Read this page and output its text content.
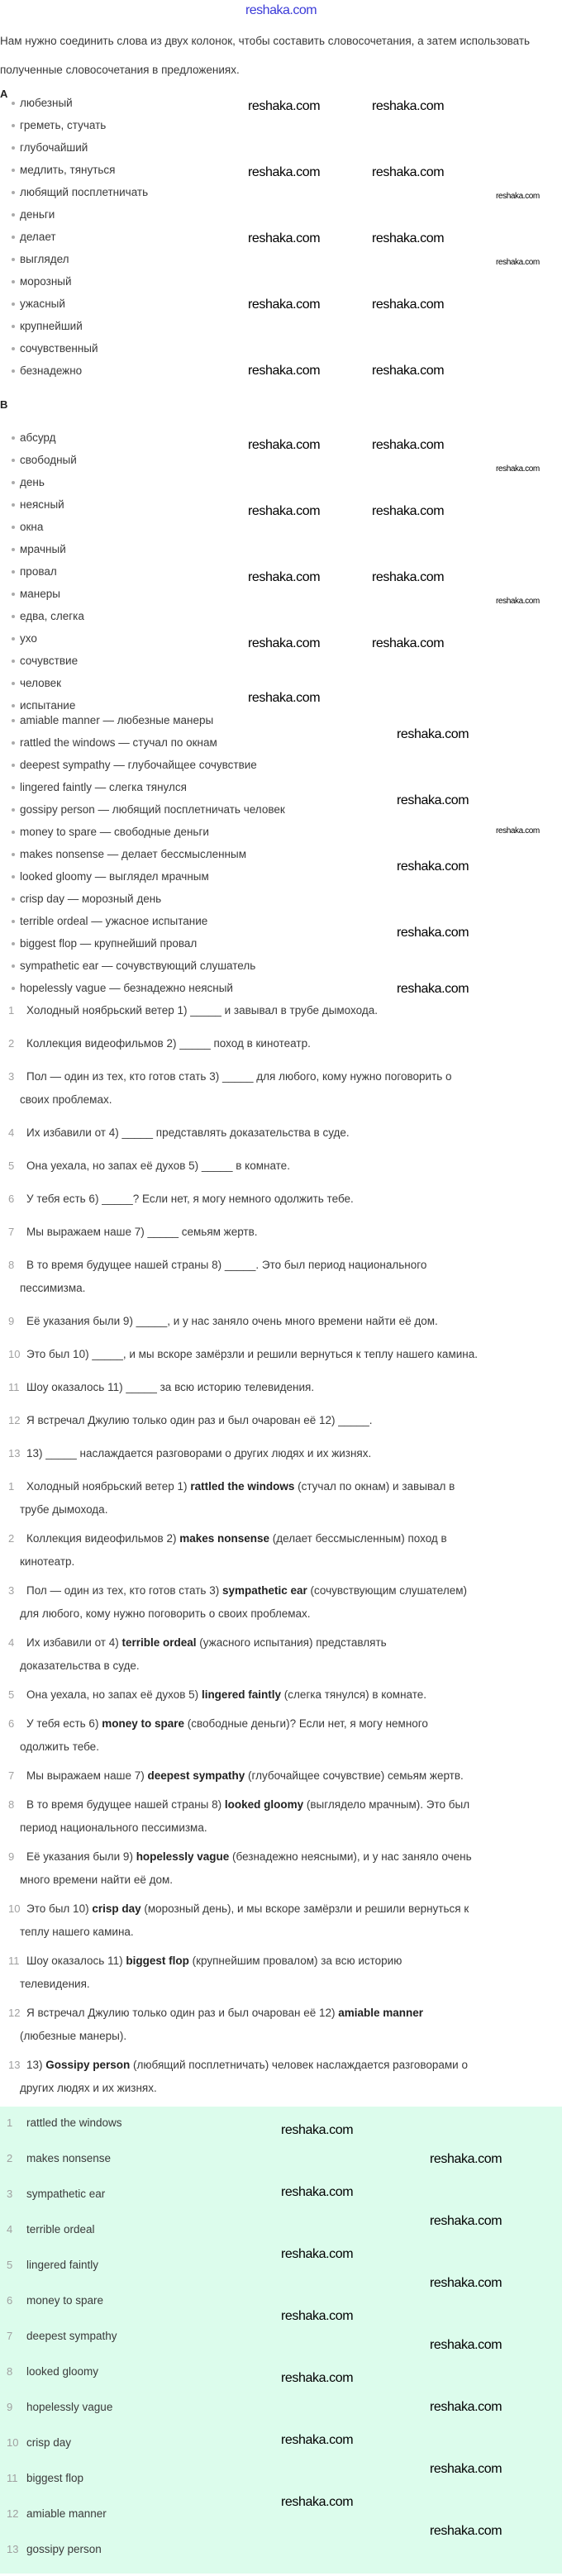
reshaka.com
Нам нужно соединить слова из двух колонок, чтобы составить словосочетания, а затем использовать полученные словосочетания в предложениях.
A
любезный
греметь, стучать
глубочайший
медлить, тянуться
любящий посплетничать
деньги
делает
выглядел
морозный
ужасный
крупнейший
сочувственный
безнадежно
B
абсурд
свободный
день
неясный
окна
мрачный
провал
манеры
едва, слегка
ухо
сочувствие
человек
испытание
amiable manner — любезные манеры
rattled the windows — стучал по окнам
deepest sympathy — глубочайщее сочувствие
lingered faintly — слегка тянулся
gossipy person — любящий посплетничать человек
money to spare — свободные деньги
makes nonsense — делает бессмысленным
looked gloomy — выглядел мрачным
crisp day — морозный день
terrible ordeal — ужасное испытание
biggest flop — крупнейший провал
sympathetic ear — сочувствующий слушатель
hopelessly vague — безнадежно неясный
reshaka.com	reshaka.com
reshaka.com	reshaka.com
reshaka.com
reshaka.com	reshaka.com
reshaka.com
reshaka.com	reshaka.com
reshaka.com	reshaka.com
reshaka.com	reshaka.com
reshaka.com
reshaka.com	reshaka.com
reshaka.com	reshaka.com
reshaka.com
reshaka.com	reshaka.com
reshaka.com
reshaka.com
reshaka.com
reshaka.com
reshaka.com
reshaka.com
reshaka.com
1 Холодный ноябрьский ветер 1) _____ и завывал в трубе дымохода.
2 Коллекция видеофильмов 2) _____ поход в кинотеатр.
3 Пол — один из тех, кто готов стать 3) _____ для любого, кому нужно поговорить о
своих проблемах.
4 Их избавили от 4) _____ представлять доказательства в суде.
5 Она уехала, но запах её духов 5) _____ в комнате.
6 У тебя есть 6) _____? Если нет, я могу немного одолжить тебе.
7 Мы выражаем наше 7) _____ семьям жертв.
8 В то время будущее нашей страны 8) _____. Это был период национального
пессимизма.
9 Её указания были 9) _____, и у нас заняло очень много времени найти её дом.
10 Это был 10) _____, и мы вскоре замёрзли и решили вернуться к теплу нашего камина.
11 Шоу оказалось 11) _____ за всю историю телевидения.
12 Я встречал Джулию только один раз и был очарован её 12) _____.
13 13) _____ наслаждается разговорами о других людях и их жизнях.
1 Холодный ноябрьский ветер 1) rattled the windows (стучал по окнам) и завывал в
трубе дымохода.
2 Коллекция видеофильмов 2) makes nonsense (делает бессмысленным) поход в
кинотеатр.
3 Пол — один из тех, кто готов стать 3) sympathetic ear (сочувствующим слушателем)
для любого, кому нужно поговорить о своих проблемах.
4 Их избавили от 4) terrible ordeal (ужасного испытания) представлять
доказательства в суде.
5 Она уехала, но запах её духов 5) lingered faintly (слегка тянулся) в комнате.
6 У тебя есть 6) money to spare (свободные деньги)? Если нет, я могу немного
одолжить тебе.
7 Мы выражаем наше 7) deepest sympathy (глубочайщее сочувствие) семьям жертв.
8 В то время будущее нашей страны 8) looked gloomy (выглядело мрачным). Это был
период национального пессимизма.
9 Её указания были 9) hopelessly vague (безнадежно неясными), и у нас заняло очень
много времени найти её дом.
10 Это был 10) crisp day (морозный день), и мы вскоре замёрзли и решили вернуться к
теплу нашего камина.
11 Шоу оказалось 11) biggest flop (крупнейшим провалом) за всю историю
телевидения.
12 Я встречал Джулию только один раз и был очарован её 12) amiable manner
(любезные манеры).
13 13) Gossipy person (любящий посплетничать) человек наслаждается разговорами о
других людях и их жизнях.
1 rattled the windows
2 makes nonsense
3 sympathetic ear
4 terrible ordeal
5 lingered faintly
6 money to spare
7 deepest sympathy
8 looked gloomy
9 hopelessly vague
10 crisp day
11 biggest flop
12 amiable manner
13 gossipy person
reshaka.com
reshaka.com
reshaka.com
reshaka.com
reshaka.com
reshaka.com
reshaka.com
reshaka.com
reshaka.com
reshaka.com
reshaka.com
reshaka.com
reshaka.com
reshaka.com
